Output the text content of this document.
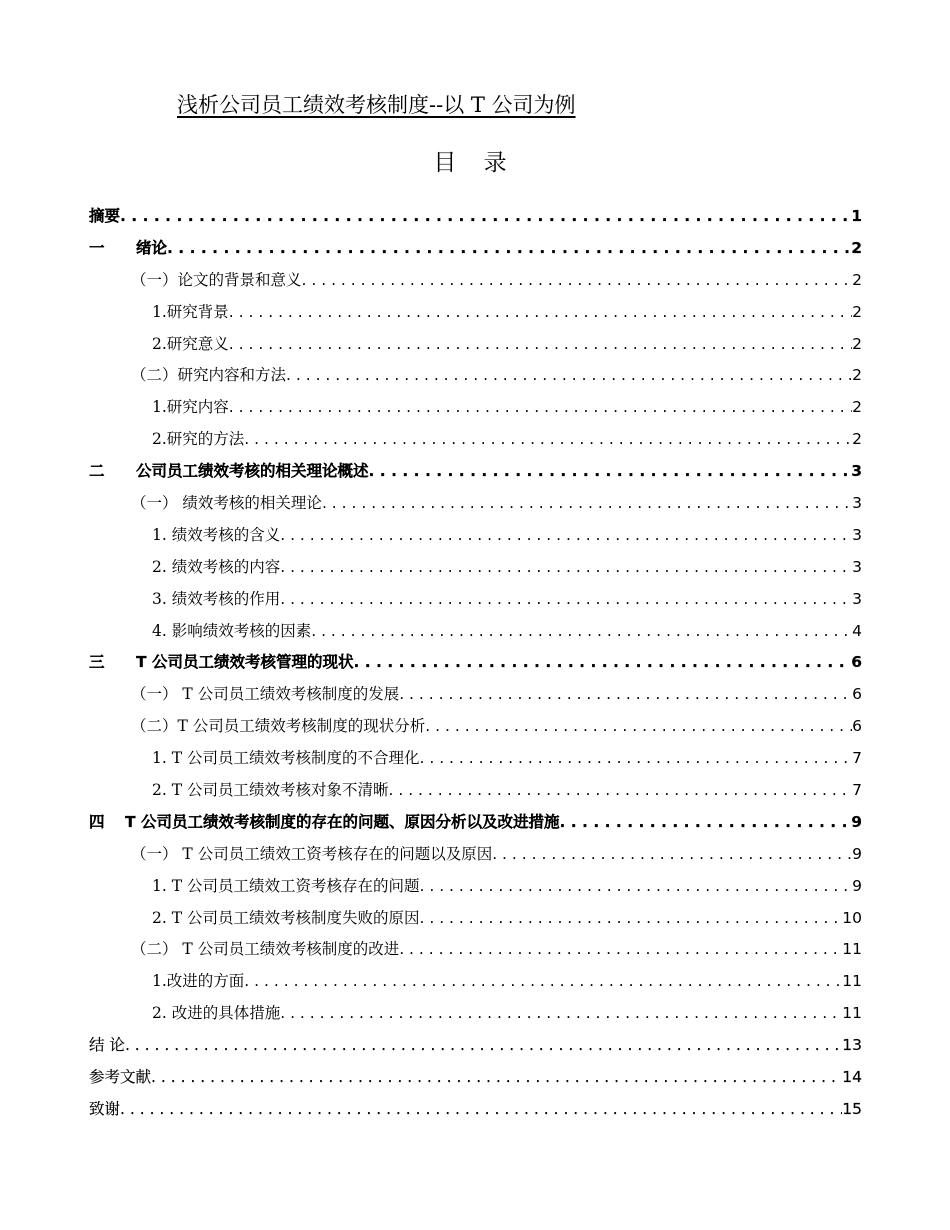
浅析公司员工绩效考核制度--以 T 公司为例
目 录
摘要 . . .	1
一	绪论 . . .	2
（一）论文的背景和意义 . . .	2
1.研究背景 . . .	2
2.研究意义 . . .	2
（二）研究内容和方法 . . .	2
1.研究内容 . . .	2
2.研究的方法 . . .	2
二	公司员工绩效考核的相关理论概述 . . .	3
（一） 绩效考核的相关理论 . . .	3
1. 绩效考核的含义 . . .	3
2. 绩效考核的内容 . . .	3
3. 绩效考核的作用 . . .	3
4. 影响绩效考核的因素 . . .	4
三	T 公司员工绩效考核管理的现状 . . .	6
（一） T 公司员工绩效考核制度的发展 . . .	6
（二）T 公司员工绩效考核制度的现状分析 . . .	6
1. T 公司员工绩效考核制度的不合理化 . . .	7
2. T 公司员工绩效考核对象不清晰 . . .	7
四	T 公司员工绩效考核制度的存在的问题、原因分析以及改进措施 . . .	9
（一） T 公司员工绩效工资考核存在的问题以及原因 . . .	9
1. T 公司员工绩效工资考核存在的问题 . . .	9
2. T 公司员工绩效考核制度失败的原因 . . .	10
（二） T 公司员工绩效考核制度的改进 . . .	11
1.改进的方面 . . .	11
2. 改进的具体措施 . . .	11
结 论 . . .	13
参考文献 . . .	14
致谢 . . .	15
